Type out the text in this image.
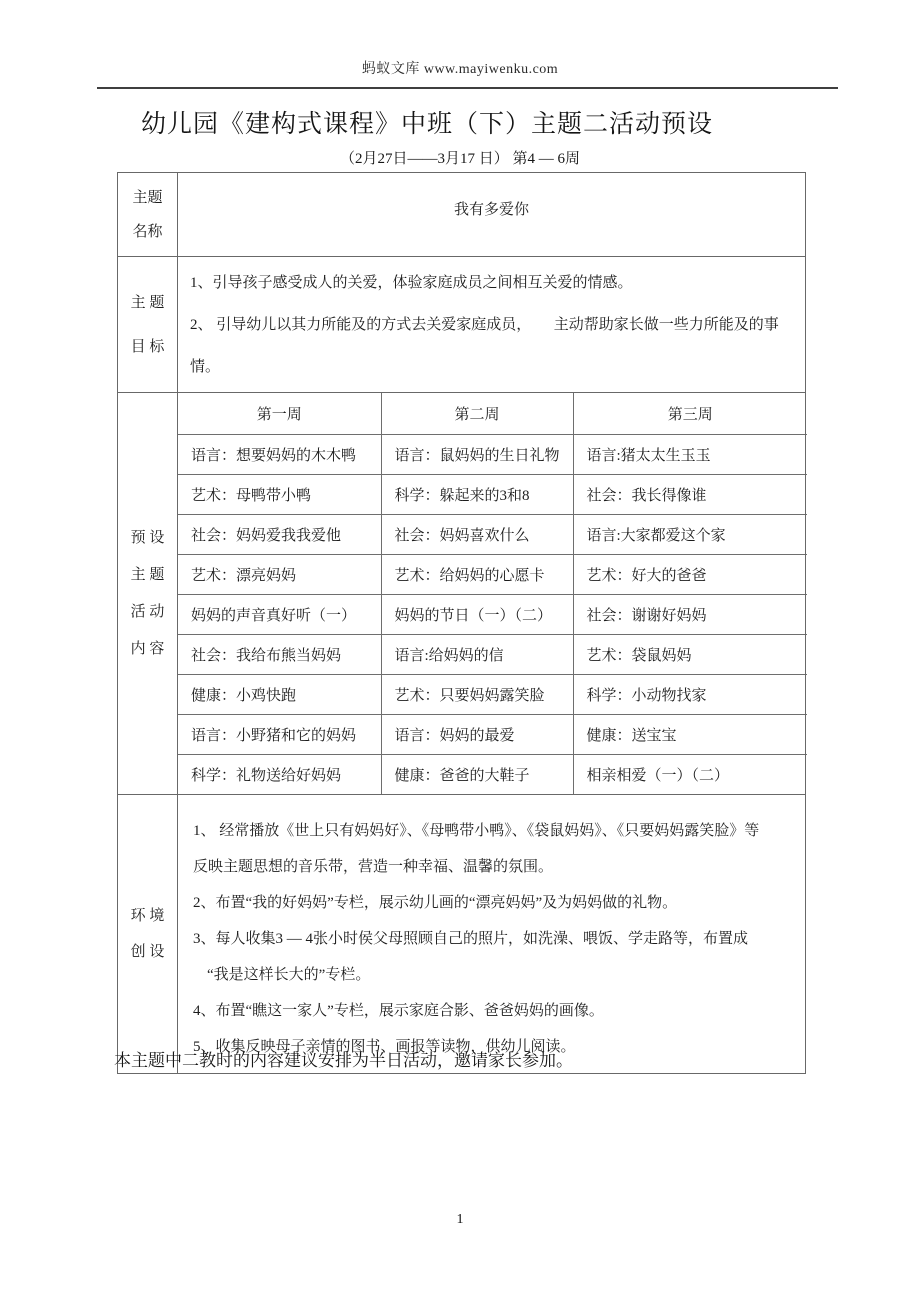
蚂蚁文库 www.mayiwenku.com
幼儿园《建构式课程》中班（下）主题二活动预设
（2月27日——3月17 日） 第4 — 6周
主题
名称
	我有多爱你

主 题
目 标

1、引导孩子感受成人的关爱，体验家庭成员之间相互关爱的情感。
2、 引导幼儿以其力所能及的方式去关爱家庭成员，　　主动帮助家长做一些力所能及的事情。

预 设
主 题
活 动
内 容

第一周	第二周	第三周
语言：想要妈妈的木木鸭	语言：鼠妈妈的生日礼物	语言:猪太太生玉玉
艺术：母鸭带小鸭	科学：躲起来的3和8	社会：我长得像谁
社会：妈妈爱我我爱他	社会：妈妈喜欢什么	语言:大家都爱这个家
艺术：漂亮妈妈	艺术：给妈妈的心愿卡	艺术：好大的爸爸
妈妈的声音真好听（一）	妈妈的节日（一）（二）	社会：谢谢好妈妈
社会：我给布熊当妈妈	语言:给妈妈的信	艺术：袋鼠妈妈
健康：小鸡快跑	艺术：只要妈妈露笑脸	科学：小动物找家
语言：小野猪和它的妈妈	语言：妈妈的最爱	健康：送宝宝
科学：礼物送给好妈妈	健康：爸爸的大鞋子	相亲相爱（一）（二）

环 境
创 设

1、 经常播放《世上只有妈妈好》、《母鸭带小鸭》、《袋鼠妈妈》、《只要妈妈露笑脸》等
反映主题思想的音乐带，营造一种幸福、温馨的氛围。
2、布置“我的好妈妈”专栏，展示幼儿画的“漂亮妈妈”及为妈妈做的礼物。
3、每人收集3 — 4张小时侯父母照顾自己的照片，如洗澡、喂饭、学走路等，布置成
“我是这样长大的”专栏。
4、布置“瞧这一家人”专栏，展示家庭合影、爸爸妈妈的画像。
5、收集反映母子亲情的图书、画报等读物，供幼儿阅读。
本主题中二教时的内容建议安排为半日活动，邀请家长参加。
1
